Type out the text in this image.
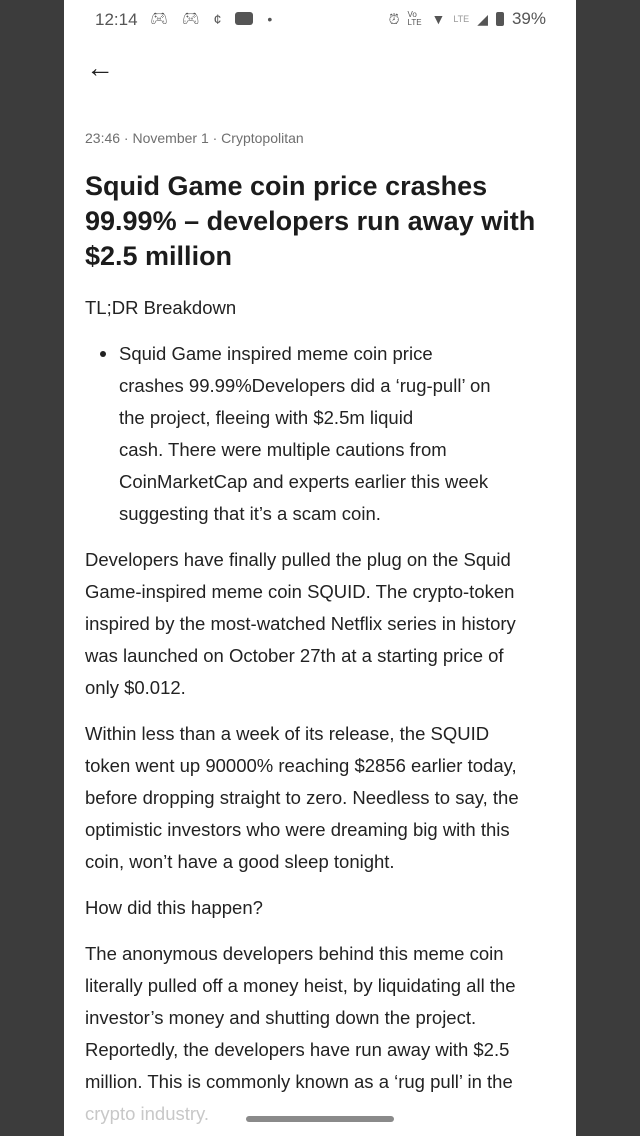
12:14 🎮︎ 🎮︎ ¢	•	⏰︎ Vo LTE ▼ LTE ◢ 39%
←
23:46 · November 1 · Cryptopolitan
Squid Game coin price crashes 99.99% – developers run away with $2.5 million
TL;DR Breakdown
Squid Game inspired meme coin price
crashes 99.99%Developers did a ‘rug-pull’ on
the project, fleeing with $2.5m liquid
cash. There were multiple cautions from
CoinMarketCap and experts earlier this week
suggesting that it’s a scam coin.
Developers have finally pulled the plug on the Squid
Game-inspired meme coin SQUID. The crypto-token
inspired by the most-watched Netflix series in history
was launched on October 27th at a starting price of
only $0.012.
Within less than a week of its release, the SQUID
token went up 90000% reaching $2856 earlier today,
before dropping straight to zero. Needless to say, the
optimistic investors who were dreaming big with this
coin, won’t have a good sleep tonight.
How did this happen?
The anonymous developers behind this meme coin
literally pulled off a money heist, by liquidating all the
investor’s money and shutting down the project.
Reportedly, the developers have run away with $2.5
million. This is commonly known as a ‘rug pull’ in the
crypto industry.
